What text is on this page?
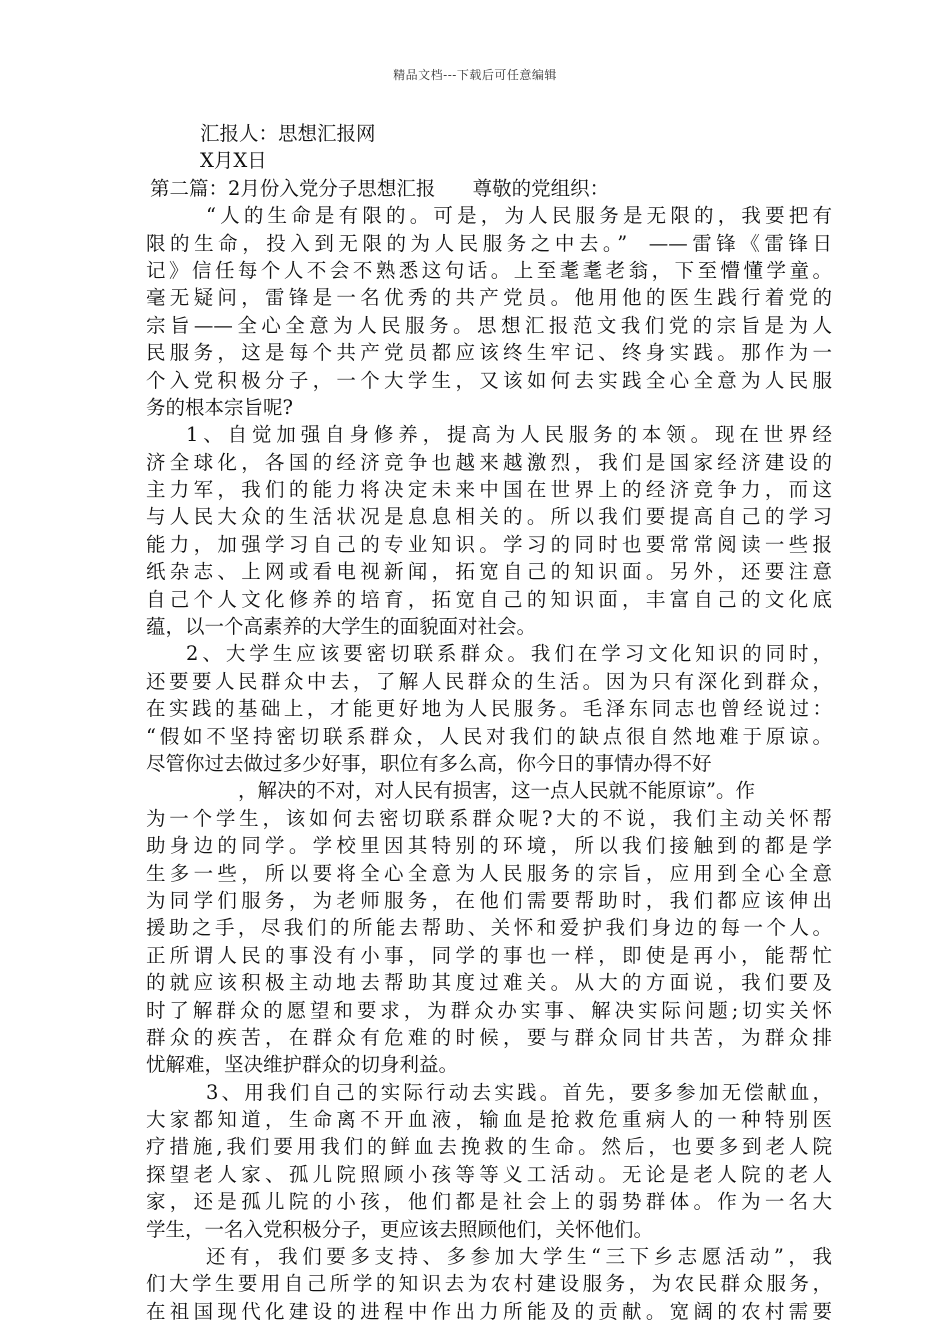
精品文档---下载后可任意编辑
汇报人：思想汇报网
X月X日
第二篇：2月份入党分子思想汇报      尊敬的党组织：
“人的生命是有限的。可是，为人民服务是无限的，我要把有
限的生命，投入到无限的为人民服务之中去。”  ——雷锋《雷锋日
记》信任每个人不会不熟悉这句话。上至耄耄老翁，下至懵懂学童。
毫无疑问，雷锋是一名优秀的共产党员。他用他的医生践行着党的
宗旨——全心全意为人民服务。思想汇报范文我们党的宗旨是为人
民服务，这是每个共产党员都应该终生牢记、终身实践。那作为一
个入党积极分子，一个大学生，又该如何去实践全心全意为人民服
务的根本宗旨呢?
1、自觉加强自身修养，提高为人民服务的本领。现在世界经
济全球化，各国的经济竞争也越来越激烈，我们是国家经济建设的
主力军，我们的能力将决定未来中国在世界上的经济竞争力，而这
与人民大众的生活状况是息息相关的。所以我们要提高自己的学习
能力，加强学习自己的专业知识。学习的同时也要常常阅读一些报
纸杂志、上网或看电视新闻，拓宽自己的知识面。另外，还要注意
自己个人文化修养的培育，拓宽自己的知识面，丰富自己的文化底
蕴，以一个高素养的大学生的面貌面对社会。
2、大学生应该要密切联系群众。我们在学习文化知识的同时，
还要要人民群众中去，了解人民群众的生活。因为只有深化到群众，
在实践的基础上，才能更好地为人民服务。毛泽东同志也曾经说过：
“假如不坚持密切联系群众，人民对我们的缺点很自然地难于原谅。
尽管你过去做过多少好事，职位有多么高，你今日的事情办得不好
，解决的不对，对人民有损害，这一点人民就不能原谅”。作
为一个学生，该如何去密切联系群众呢?大的不说，我们主动关怀帮
助身边的同学。学校里因其特别的环境，所以我们接触到的都是学
生多一些，所以要将全心全意为人民服务的宗旨，应用到全心全意
为同学们服务，为老师服务，在他们需要帮助时，我们都应该伸出
援助之手，尽我们的所能去帮助、关怀和爱护我们身边的每一个人。
正所谓人民的事没有小事，同学的事也一样，即使是再小，能帮忙
的就应该积极主动地去帮助其度过难关。从大的方面说，我们要及
时了解群众的愿望和要求，为群众办实事、解决实际问题;切实关怀
群众的疾苦，在群众有危难的时候，要与群众同甘共苦，为群众排
忧解难，坚决维护群众的切身利益。
3、用我们自己的实际行动去实践。首先，要多参加无偿献血，
大家都知道，生命离不开血液，输血是抢救危重病人的一种特别医
疗措施,我们要用我们的鲜血去挽救的生命。然后，也要多到老人院
探望老人家、孤儿院照顾小孩等等义工活动。无论是老人院的老人
家，还是孤儿院的小孩，他们都是社会上的弱势群体。作为一名大
学生，一名入党积极分子，更应该去照顾他们，关怀他们。
还有，我们要多支持、多参加大学生“三下乡志愿活动”，我
们大学生要用自己所学的知识去为农村建设服务，为农民群众服务，
在祖国现代化建设的进程中作出力所能及的贡献。宽阔的农村需要
